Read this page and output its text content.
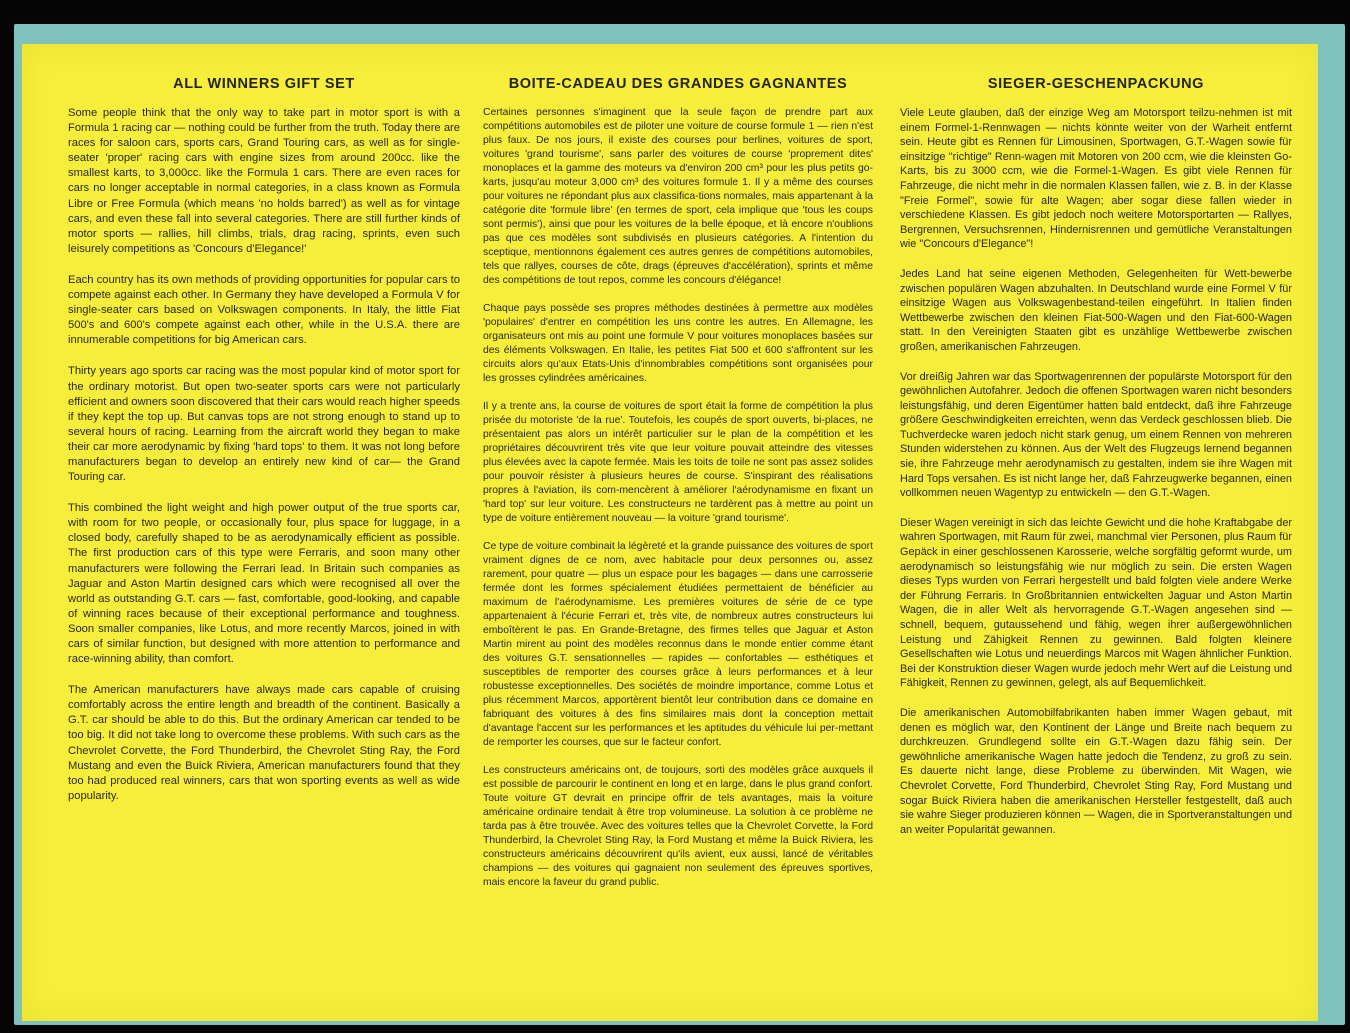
ALL WINNERS GIFT SET

Some people think that the only way to take part in motor sport is with a Formula 1 racing car — nothing could be further from the truth. Today there are races for saloon cars, sports cars, Grand Touring cars, as well as for single-seater 'proper' racing cars with engine sizes from around 200cc. like the smallest karts, to 3,000cc. like the Formula 1 cars. There are even races for cars no longer acceptable in normal categories, in a class known as Formula Libre or Free Formula (which means 'no holds barred') as well as for vintage cars, and even these fall into several categories. There are still further kinds of motor sports — rallies, hill climbs, trials, drag racing, sprints, even such leisurely competitions as 'Concours d'Elegance!'

Each country has its own methods of providing opportunities for popular cars to compete against each other. In Germany they have developed a Formula V for single-seater cars based on Volkswagen components. In Italy, the little Fiat 500's and 600's compete against each other, while in the U.S.A. there are innumerable competitions for big American cars.

Thirty years ago sports car racing was the most popular kind of motor sport for the ordinary motorist. But open two-seater sports cars were not particularly efficient and owners soon discovered that their cars would reach higher speeds if they kept the top up. But canvas tops are not strong enough to stand up to several hours of racing. Learning from the aircraft world they began to make their car more aerodynamic by fixing 'hard tops' to them. It was not long before manufacturers began to develop an entirely new kind of car— the Grand Touring car.

This combined the light weight and high power output of the true sports car, with room for two people, or occasionally four, plus space for luggage, in a closed body, carefully shaped to be as aerodynamically efficient as possible. The first production cars of this type were Ferraris, and soon many other manufacturers were following the Ferrari lead. In Britain such companies as Jaguar and Aston Martin designed cars which were recognised all over the world as outstanding G.T. cars — fast, comfortable, good-looking, and capable of winning races because of their exceptional performance and toughness. Soon smaller companies, like Lotus, and more recently Marcos, joined in with cars of similar function, but designed with more attention to performance and race-winning ability, than comfort.

The American manufacturers have always made cars capable of cruising comfortably across the entire length and breadth of the continent. Basically a G.T. car should be able to do this. But the ordinary American car tended to be too big. It did not take long to overcome these problems. With such cars as the Chevrolet Corvette, the Ford Thunderbird, the Chevrolet Sting Ray, the Ford Mustang and even the Buick Riviera, American manufacturers found that they too had produced real winners, cars that won sporting events as well as wide popularity.

BOITE-CADEAU DES GRANDES GAGNANTES

Certaines personnes s'imaginent que la seule façon de prendre part aux compétitions automobiles est de piloter une voiture de course formule 1 — rien n'est plus faux. De nos jours, il existe des courses pour berlines, voitures de sport, voitures 'grand tourisme', sans parler des voitures de course 'proprement dites' monoplaces et la gamme des moteurs va d'environ 200 cm³ pour les plus petits go-karts, jusqu'au moteur 3,000 cm³ des voitures formule 1. Il y a même des courses pour voitures ne répondant plus aux classifica-tions normales, mais appartenant à la catégorie dite 'formule libre' (en termes de sport, cela implique que 'tous les coups sont permis'), ainsi que pour les voitures de la belle époque, et là encore n'oublions pas que ces modèles sont subdivisés en plusieurs catégories. A l'intention du sceptique, mentionnons également ces autres genres de compétitions automobiles, tels que rallyes, courses de côte, drags (épreuves d'accélération), sprints et même des compétitions de tout repos, comme les concours d'élégance!

Chaque pays possède ses propres méthodes destinées à permettre aux modèles 'populaires' d'entrer en compétition les uns contre les autres. En Allemagne, les organisateurs ont mis au point une formule V pour voitures monoplaces basées sur des éléments Volkswagen. En Italie, les petites Fiat 500 et 600 s'affrontent sur les circuits alors qu'aux Etats-Unis d'innombrables compétitions sont organisées pour les grosses cylindrées américaines.

Il y a trente ans, la course de voitures de sport était la forme de compétition la plus prisée du motoriste 'de la rue'. Toutefois, les coupés de sport ouverts, bi-places, ne présentaient pas alors un intérêt particulier sur le plan de la compétition et les propriétaires découvrirent très vite que leur voiture pouvait atteindre des vitesses plus élevées avec la capote fermée. Mais les toits de toile ne sont pas assez solides pour pouvoir résister à plusieurs heures de course. S'inspirant des réalisations propres à l'aviation, ils com-mencèrent à améliorer l'aérodynamisme en fixant un 'hard top' sur leur voiture. Les constructeurs ne tardèrent pas à mettre au point un type de voiture entièrement nouveau — la voiture 'grand tourisme'.

Ce type de voiture combinait la légèreté et la grande puissance des voitures de sport vraiment dignes de ce nom, avec habitacle pour deux personnes ou, assez rarement, pour quatre — plus un espace pour les bagages — dans une carrosserie fermée dont les formes spécialement étudiées permettaient de bénéficier au maximum de l'aérodynamisme. Les premières voitures de série de ce type appartenaient à l'écurie Ferrari et, très vite, de nombreux autres constructeurs lui emboîtèrent le pas. En Grande-Bretagne, des firmes telles que Jaguar et Aston Martin mirent au point des modèles reconnus dans le monde entier comme étant des voitures G.T. sensationnelles — rapides — confortables — esthétiques et susceptibles de remporter des courses grâce à leurs performances et à leur robustesse exceptionnelles. Des sociétés de moindre importance, comme Lotus et plus récemment Marcos, apportèrent bientôt leur contribution dans ce domaine en fabriquant des voitures à des fins similaires mais dont la conception mettait d'avantage l'accent sur les performances et les aptitudes du véhicule lui per-mettant de remporter les courses, que sur le facteur confort.

Les constructeurs américains ont, de toujours, sorti des modèles grâce auxquels il est possible de parcourir le continent en long et en large, dans le plus grand confort. Toute voiture GT devrait en principe offrir de tels avantages, mais la voiture américaine ordinaire tendait à être trop volumineuse. La solution à ce problème ne tarda pas à être trouvée. Avec des voitures telles que la Chevrolet Corvette, la Ford Thunderbird, la Chevrolet Sting Ray, la Ford Mustang et même la Buick Riviera, les constructeurs américains découvrirent qu'ils avient, eux aussi, lancé de véritables champions — des voitures qui gagnaient non seulement des épreuves sportives, mais encore la faveur du grand public.

SIEGER-GESCHENPACKUNG

Viele Leute glauben, daß der einzige Weg am Motorsport teilzu-nehmen ist mit einem Formel-1-Rennwagen — nichts könnte weiter von der Warheit entfernt sein. Heute gibt es Rennen für Limousinen, Sportwagen, G.T.-Wagen sowie für einsitzige "richtige" Renn-wagen mit Motoren von 200 ccm, wie die kleinsten Go-Karts, bis zu 3000 ccm, wie die Formel-1-Wagen. Es gibt viele Rennen für Fahrzeuge, die nicht mehr in die normalen Klassen fallen, wie z. B. in der Klasse "Freie Formel", sowie für alte Wagen; aber sogar diese fallen wieder in verschiedene Klassen. Es gibt jedoch noch weitere Motorsportarten — Rallyes, Bergrennen, Versuchsrennen, Hindernisrennen und gemütliche Veranstaltungen wie "Concours d'Elegance"!

Jedes Land hat seine eigenen Methoden, Gelegenheiten für Wett-bewerbe zwischen populären Wagen abzuhalten. In Deutschland wurde eine Formel V für einsitzige Wagen aus Volkswagenbestand-teilen eingeführt. In Italien finden Wettbewerbe zwischen den kleinen Fiat-500-Wagen und den Fiat-600-Wagen statt. In den Vereinigten Staaten gibt es unzählige Wettbewerbe zwischen großen, amerikanischen Fahrzeugen.

Vor dreißig Jahren war das Sportwagenrennen der populärste Motorsport für den gewöhnlichen Autofahrer. Jedoch die offenen Sportwagen waren nicht besonders leistungsfähig, und deren Eigentümer hatten bald entdeckt, daß ihre Fahrzeuge größere Geschwindigkeiten erreichten, wenn das Verdeck geschlossen blieb. Die Tuchverdecke waren jedoch nicht stark genug, um einem Rennen von mehreren Stunden widerstehen zu können. Aus der Welt des Flugzeugs lernend begannen sie, ihre Fahrzeuge mehr aerodynamisch zu gestalten, indem sie ihre Wagen mit Hard Tops versahen. Es ist nicht lange her, daß Fahrzeugwerke begannen, einen vollkommen neuen Wagentyp zu entwickeln — den G.T.-Wagen.

Dieser Wagen vereinigt in sich das leichte Gewicht und die hohe Kraftabgabe der wahren Sportwagen, mit Raum für zwei, manchmal vier Personen, plus Raum für Gepäck in einer geschlossenen Karosserie, welche sorgfältig geformt wurde, um aerodynamisch so leistungsfähig wie nur möglich zu sein. Die ersten Wagen dieses Typs wurden von Ferrari hergestellt und bald folgten viele andere Werke der Führung Ferraris. In Großbritannien entwickelten Jaguar und Aston Martin Wagen, die in aller Welt als hervorragende G.T.-Wagen angesehen sind — schnell, bequem, gutaussehend und fähig, wegen ihrer außergewöhnlichen Leistung und Zähigkeit Rennen zu gewinnen. Bald folgten kleinere Gesellschaften wie Lotus und neuerdings Marcos mit Wagen ähnlicher Funktion. Bei der Konstruktion dieser Wagen wurde jedoch mehr Wert auf die Leistung und Fähigkeit, Rennen zu gewinnen, gelegt, als auf Bequemlichkeit.

Die amerikanischen Automobilfabrikanten haben immer Wagen gebaut, mit denen es möglich war, den Kontinent der Länge und Breite nach bequem zu durchkreuzen. Grundlegend sollte ein G.T.-Wagen dazu fähig sein. Der gewöhnliche amerikanische Wagen hatte jedoch die Tendenz, zu groß zu sein. Es dauerte nicht lange, diese Probleme zu überwinden. Mit Wagen, wie Chevrolet Corvette, Ford Thunderbird, Chevrolet Sting Ray, Ford Mustang und sogar Buick Riviera haben die amerikanischen Hersteller festgestellt, daß auch sie wahre Sieger produzieren können — Wagen, die in Sportveranstaltungen und an weiter Popularität gewannen.
